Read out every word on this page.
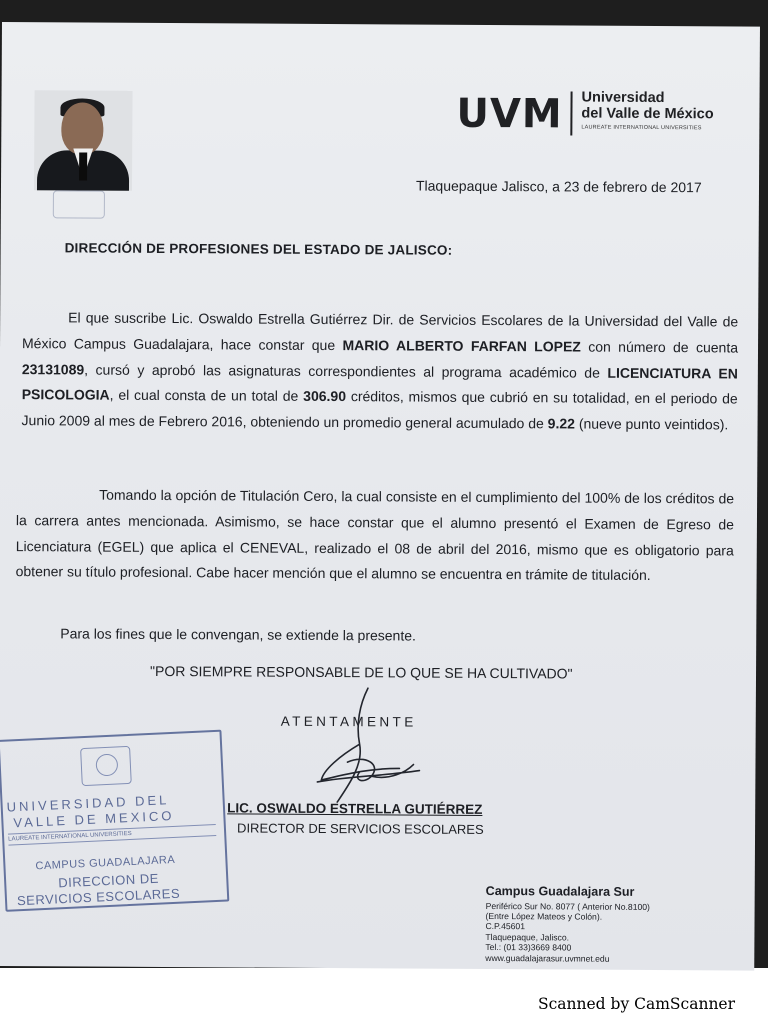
UVM Universidad
del Valle de México
LAUREATE INTERNATIONAL UNIVERSITIES
Tlaquepaque Jalisco, a 23 de febrero de 2017
DIRECCIÓN DE PROFESIONES DEL ESTADO DE JALISCO:
El que suscribe Lic. Oswaldo Estrella Gutiérrez Dir. de Servicios Escolares de la Universidad del Valle de México Campus Guadalajara, hace constar que MARIO ALBERTO FARFAN LOPEZ con número de cuenta 23131089, cursó y aprobó las asignaturas correspondientes al programa académico de LICENCIATURA EN PSICOLOGIA, el cual consta de un total de 306.90 créditos, mismos que cubrió en su totalidad, en el periodo de Junio 2009 al mes de Febrero 2016, obteniendo un promedio general acumulado de 9.22 (nueve punto veintidos).
Tomando la opción de Titulación Cero, la cual consiste en el cumplimiento del 100% de los créditos de la carrera antes mencionada. Asimismo, se hace constar que el alumno presentó el Examen de Egreso de Licenciatura (EGEL) que aplica el CENEVAL, realizado el 08 de abril del 2016, mismo que es obligatorio para obtener su título profesional. Cabe hacer mención que el alumno se encuentra en trámite de titulación.
Para los fines que le convengan, se extiende la presente.
"POR SIEMPRE RESPONSABLE DE LO QUE SE HA CULTIVADO"
ATENTAMENTE
LIC. OSWALDO ESTRELLA GUTIÉRREZ
DIRECTOR DE SERVICIOS ESCOLARES
Campus Guadalajara Sur
Periférico Sur No. 8077 ( Anterior No.8100)
(Entre López Mateos y Colón).
C.P.45601
Tlaquepaque, Jalisco.
Tel.: (01 33)3669 8400
www.guadalajarasur.uvmnet.edu
UNIVERSIDAD DEL
VALLE DE MEXICO
LAUREATE INTERNATIONAL UNIVERSITIES
CAMPUS GUADALAJARA
DIRECCION DE
SERVICIOS ESCOLARES
Scanned by CamScanner
